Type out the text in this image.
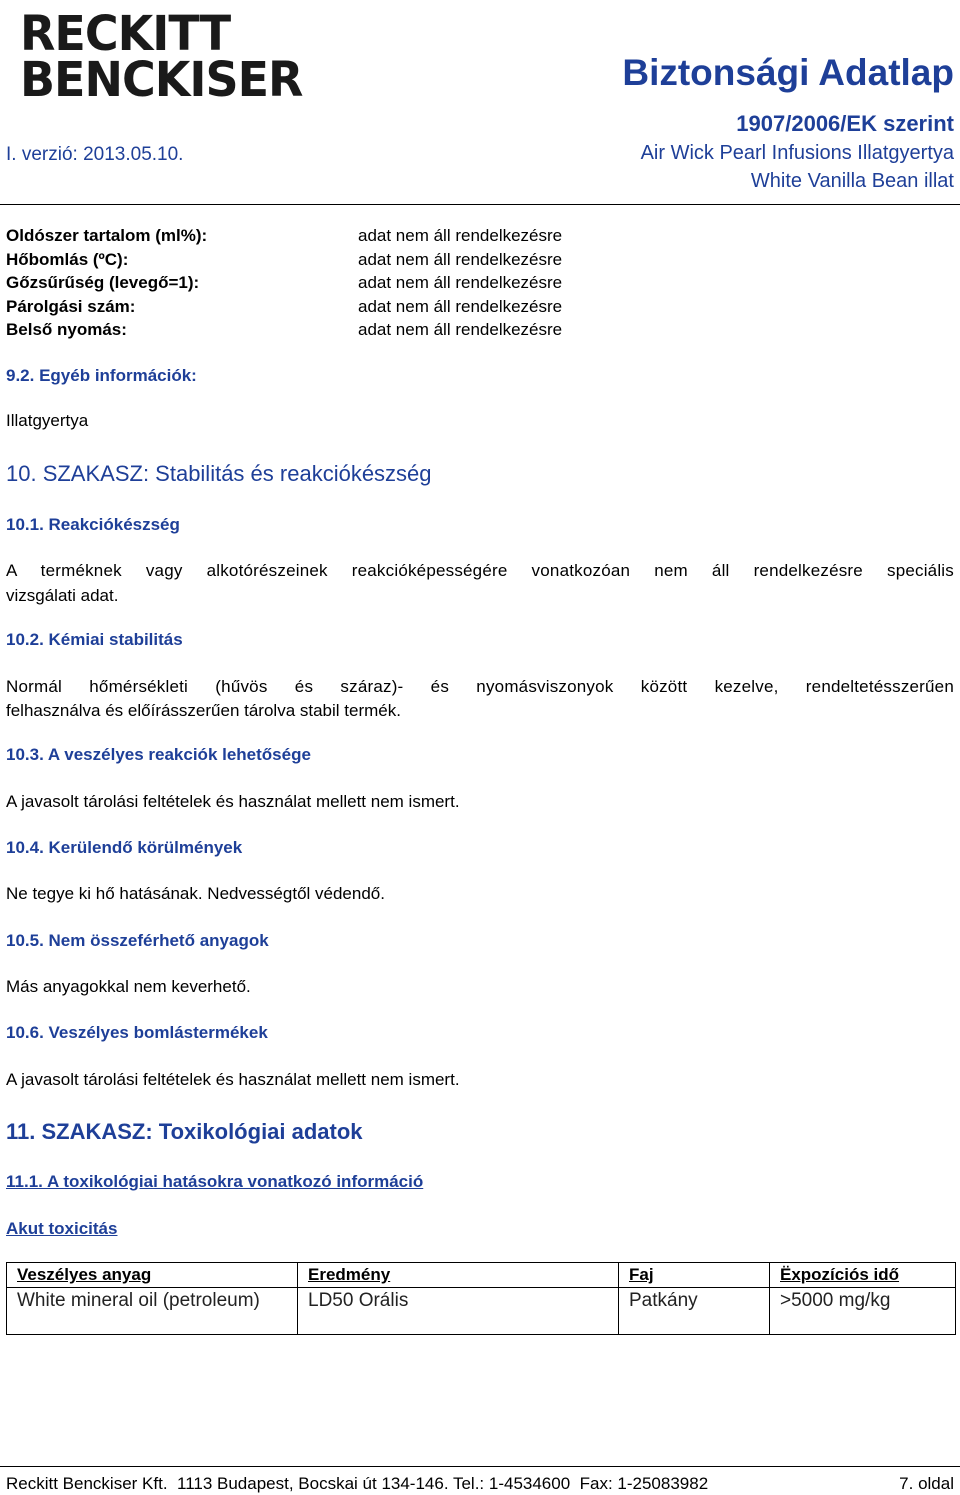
RECKITT
BENCKISER	Biztonsági Adatlap
1907/2006/EK szerint
I. verzió: 2013.05.10.	Air Wick Pearl Infusions Illatgyertya
White Vanilla Bean illat
Oldószer tartalom (ml%):	adat nem áll rendelkezésre
Hőbomlás (ºC):	adat nem áll rendelkezésre
Gőzsűrűség (levegő=1):	adat nem áll rendelkezésre
Párolgási szám:	adat nem áll rendelkezésre
Belső nyomás:	adat nem áll rendelkezésre
9.2. Egyéb információk:
Illatgyertya
10. SZAKASZ: Stabilitás és reakciókészség
10.1. Reakciókészség
A terméknek vagy alkotórészeinek reakcióképességére vonatkozóan nem áll rendelkezésre speciális
vizsgálati adat.
10.2. Kémiai stabilitás
Normál hőmérsékleti (hűvös és száraz)- és nyomásviszonyok között kezelve, rendeltetésszerűen
felhasználva és előírásszerűen tárolva stabil termék.
10.3. A veszélyes reakciók lehetősége
A javasolt tárolási feltételek és használat mellett nem ismert.
10.4. Kerülendő körülmények
Ne tegye ki hő hatásának. Nedvességtől védendő.
10.5. Nem összeférhető anyagok
Más anyagokkal nem keverhető.
10.6. Veszélyes bomlástermékek
A javasolt tárolási feltételek és használat mellett nem ismert.
11. SZAKASZ: Toxikológiai adatok
11.1. A toxikológiai hatásokra vonatkozó információ
Akut toxicitás
Veszélyes anyag	Eredmény	Faj	Ëxpozíciós idő
White mineral oil (petroleum)	LD50 Orális	Patkány	>5000 mg/kg
Reckitt Benckiser Kft.  1113 Budapest, Bocskai út 134-146. Tel.: 1-4534600  Fax: 1-25083982	7. oldal
